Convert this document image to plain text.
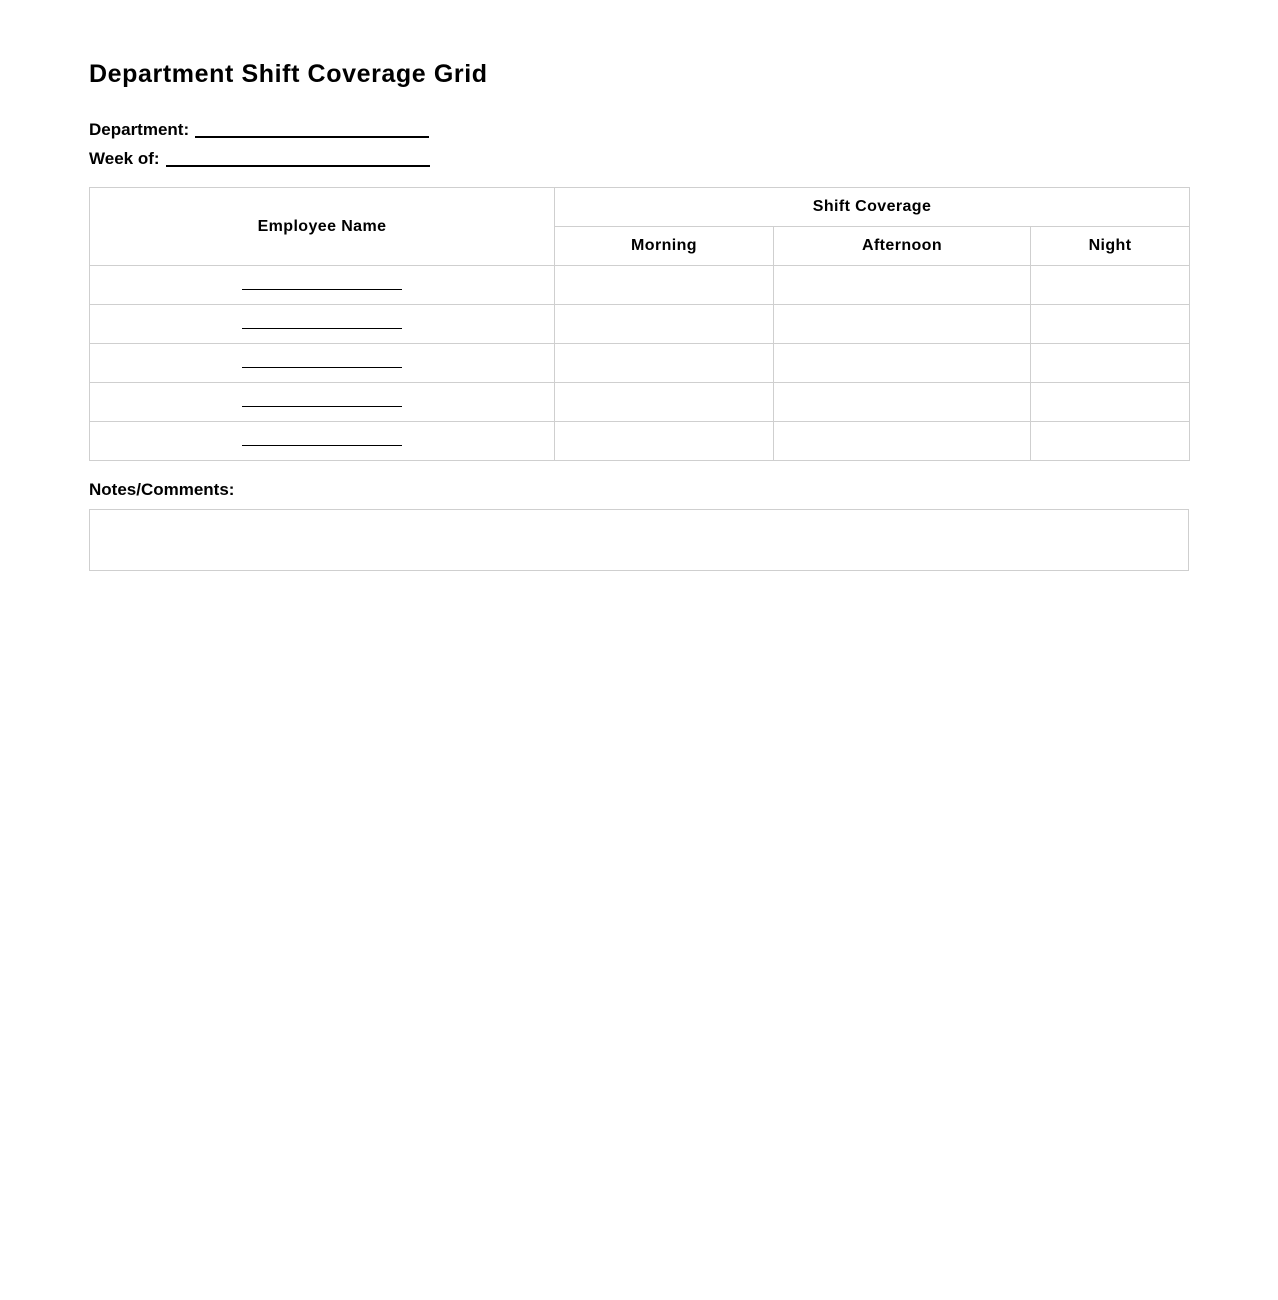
Department Shift Coverage Grid
Department:
Week of:
Employee Name	Shift Coverage		
	Morning	Afternoon	Night

Notes/Comments:
